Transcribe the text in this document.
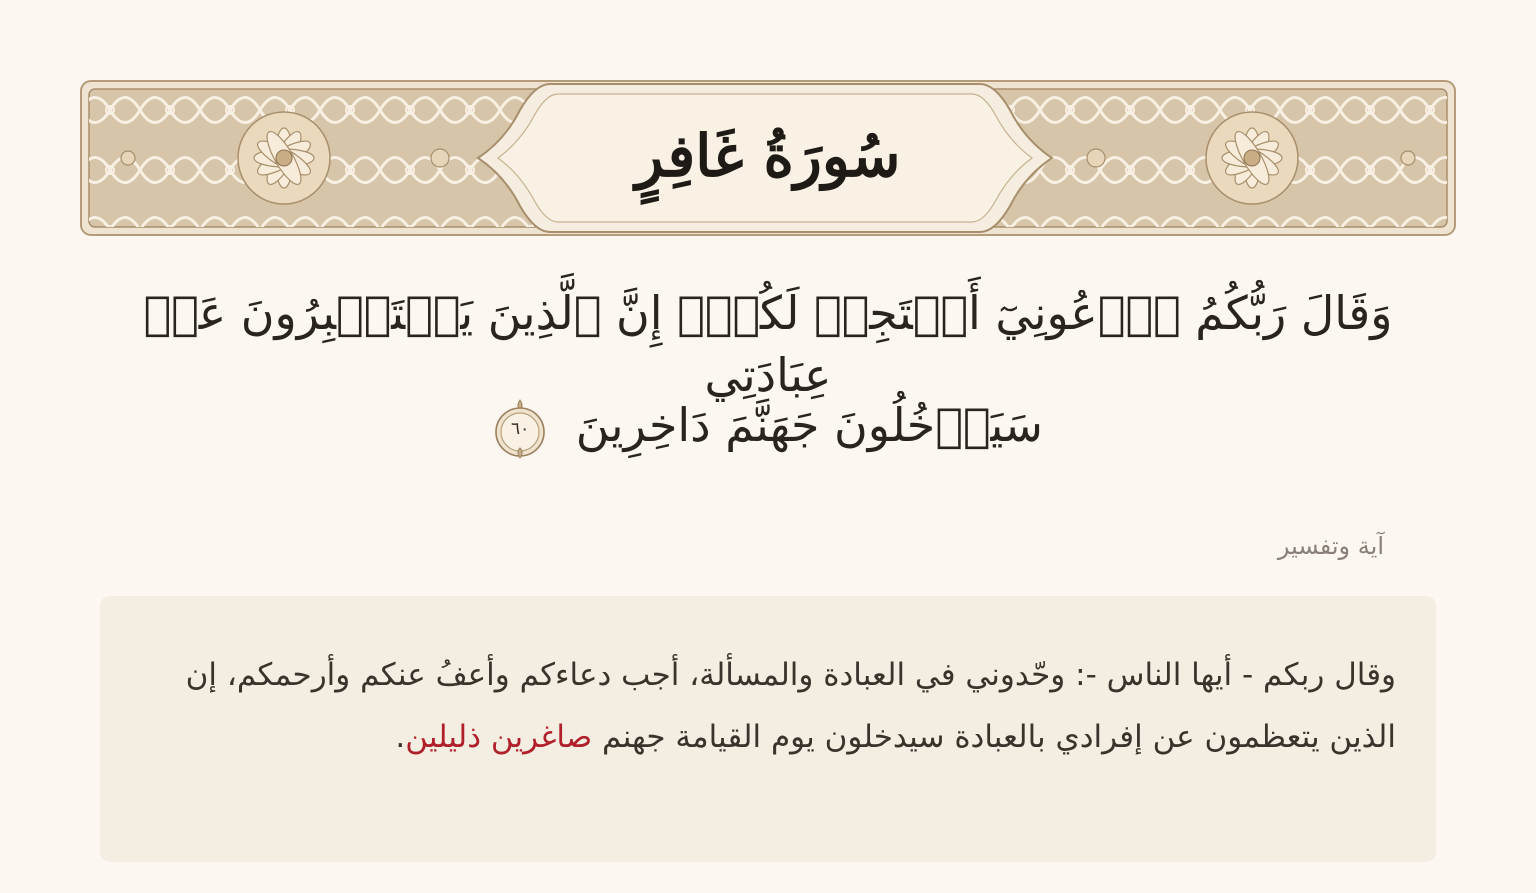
سُورَةُ غَافِرٍ
وَقَالَ رَبُّكُمُ ٱدۡعُونِيٓ أَسۡتَجِبۡ لَكُمۡۚ إِنَّ ٱلَّذِينَ يَسۡتَكۡبِرُونَ عَنۡ عِبَادَتِي
سَيَدۡخُلُونَ جَهَنَّمَ دَاخِرِينَ
٦٠
آية وتفسير
وقال ربكم - أيها الناس -: وحّدوني في العبادة والمسألة، أجب دعاءكم وأعفُ عنكم وأرحمكم، إن الذين يتعظمون عن إفرادي بالعبادة سيدخلون يوم القيامة جهنم صاغرين ذليلين.
